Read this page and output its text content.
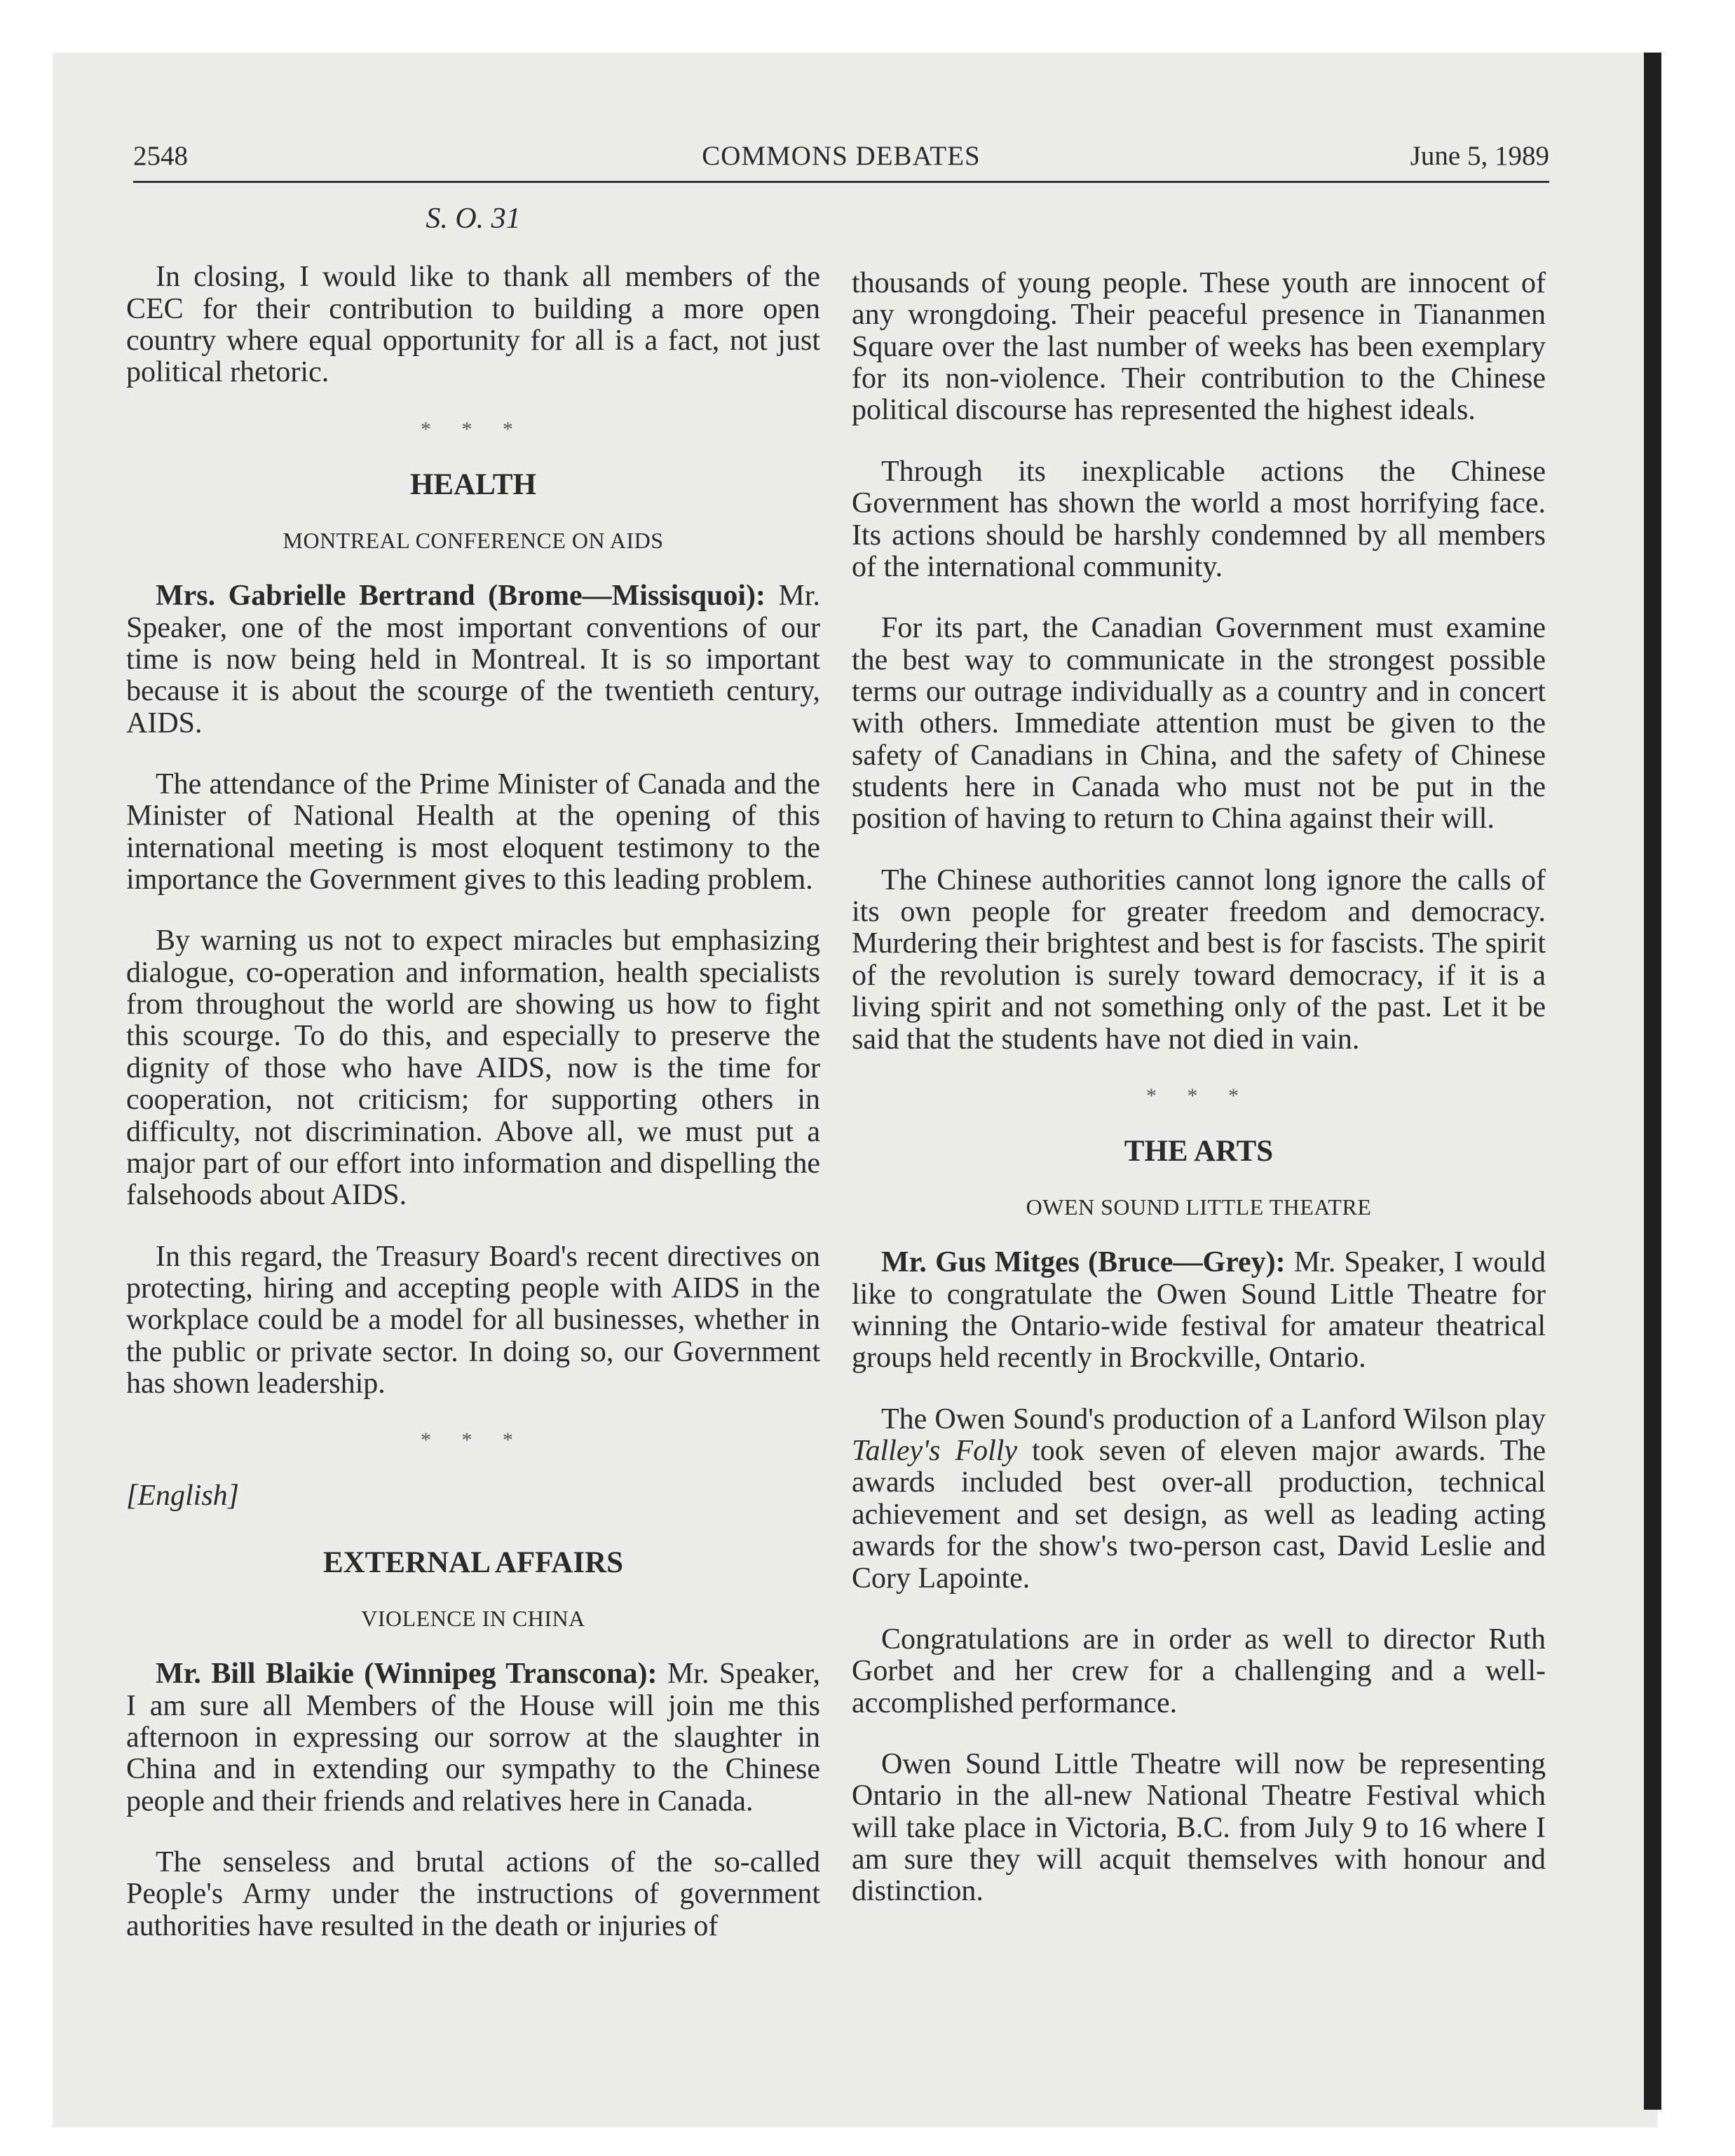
2548	COMMONS DEBATES	June 5, 1989
S. O. 31

In closing, I would like to thank all members of the CEC for their contribution to building a more open country where equal opportunity for all is a fact, not just political rhetoric.

* * *
HEALTH
MONTREAL CONFERENCE ON AIDS

Mrs. Gabrielle Bertrand (Brome—Missisquoi): Mr. Speaker, one of the most important conventions of our time is now being held in Montreal. It is so important because it is about the scourge of the twentieth century, AIDS.

The attendance of the Prime Minister of Canada and the Minister of National Health at the opening of this international meeting is most eloquent testimony to the importance the Government gives to this leading problem.

By warning us not to expect miracles but emphasizing dialogue, co-operation and information, health specialists from throughout the world are showing us how to fight this scourge. To do this, and especially to preserve the dignity of those who have AIDS, now is the time for cooperation, not criticism; for supporting others in difficulty, not discrimination. Above all, we must put a major part of our effort into information and dispelling the falsehoods about AIDS.

In this regard, the Treasury Board's recent directives on protecting, hiring and accepting people with AIDS in the workplace could be a model for all businesses, whether in the public or private sector. In doing so, our Government has shown leadership.

* * *
[English]
EXTERNAL AFFAIRS
VIOLENCE IN CHINA

Mr. Bill Blaikie (Winnipeg Transcona): Mr. Speaker, I am sure all Members of the House will join me this afternoon in expressing our sorrow at the slaughter in China and in extending our sympathy to the Chinese people and their friends and relatives here in Canada.

The senseless and brutal actions of the so-called People's Army under the instructions of government authorities have resulted in the death or injuries of

thousands of young people. These youth are innocent of any wrongdoing. Their peaceful presence in Tiananmen Square over the last number of weeks has been exemplary for its non-violence. Their contribution to the Chinese political discourse has represented the highest ideals.

Through its inexplicable actions the Chinese Government has shown the world a most horrifying face. Its actions should be harshly condemned by all members of the international community.

For its part, the Canadian Government must examine the best way to communicate in the strongest possible terms our outrage individually as a country and in concert with others. Immediate attention must be given to the safety of Canadians in China, and the safety of Chinese students here in Canada who must not be put in the position of having to return to China against their will.

The Chinese authorities cannot long ignore the calls of its own people for greater freedom and democracy. Murdering their brightest and best is for fascists. The spirit of the revolution is surely toward democracy, if it is a living spirit and not something only of the past. Let it be said that the students have not died in vain.

* * *
THE ARTS
OWEN SOUND LITTLE THEATRE

Mr. Gus Mitges (Bruce—Grey): Mr. Speaker, I would like to congratulate the Owen Sound Little Theatre for winning the Ontario-wide festival for amateur theatrical groups held recently in Brockville, Ontario.

The Owen Sound's production of a Lanford Wilson play Talley's Folly took seven of eleven major awards. The awards included best over-all production, technical achievement and set design, as well as leading acting awards for the show's two-person cast, David Leslie and Cory Lapointe.

Congratulations are in order as well to director Ruth Gorbet and her crew for a challenging and a well-accomplished performance.

Owen Sound Little Theatre will now be representing Ontario in the all-new National Theatre Festival which will take place in Victoria, B.C. from July 9 to 16 where I am sure they will acquit themselves with honour and distinction.
